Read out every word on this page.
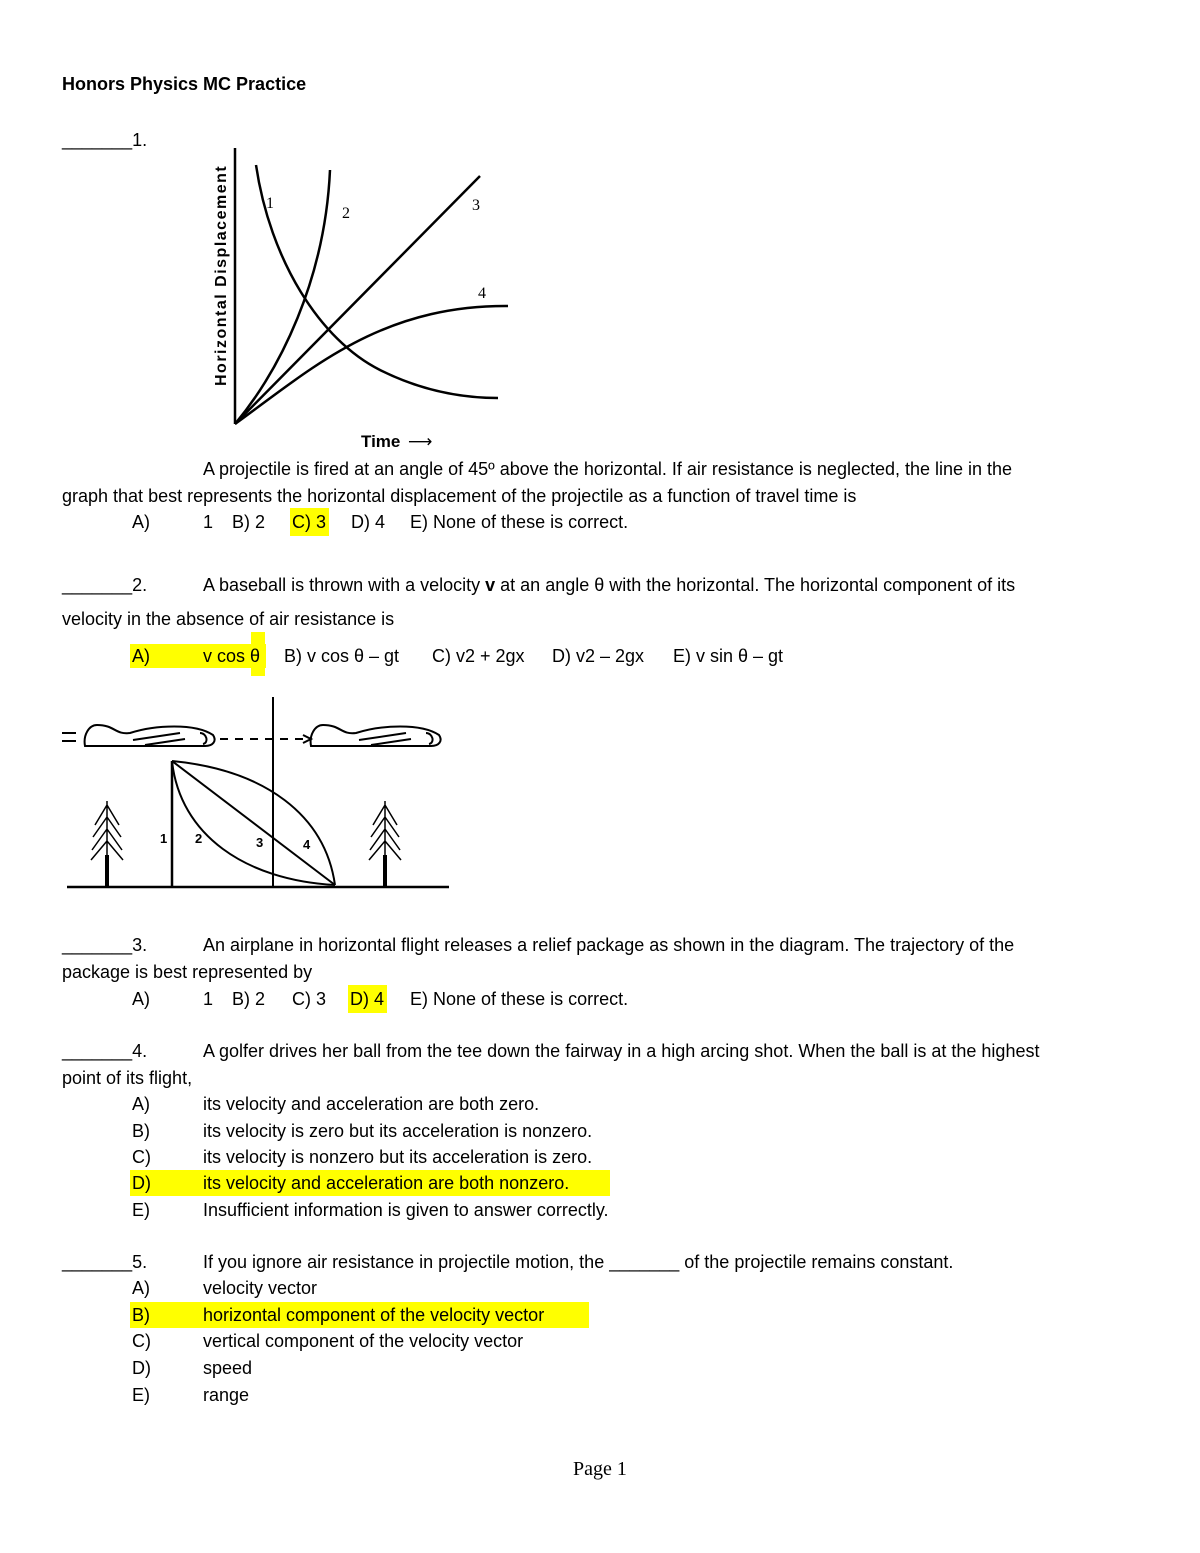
Honors Physics MC Practice
_______1.
1
2	3
4
Horizontal Displacement
Time ⟶
A projectile is fired at an angle of 45º above the horizontal. If air resistance is neglected, the line in the
graph that best represents the horizontal displacement of the projectile as a function of travel time is
A)	1 B) 2 C) 3 D) 4 E) None of these is correct.
_______2.	A baseball is thrown with a velocity v at an angle θ with the horizontal. The horizontal component of its
velocity in the absence of air resistance is
A)	v cos θ B) v cos θ – gt C) v2 + 2gx D) v2 – 2gx E) v sin θ – gt
1 2	3	4
_______3.	An airplane in horizontal flight releases a relief package as shown in the diagram. The trajectory of the
package is best represented by
A)	1 B) 2 C) 3 D) 4 E) None of these is correct.
_______4.	A golfer drives her ball from the tee down the fairway in a high arcing shot. When the ball is at the highest
point of its flight,
A)	its velocity and acceleration are both zero.
B)	its velocity is zero but its acceleration is nonzero.
C)	its velocity is nonzero but its acceleration is zero.
D)	its velocity and acceleration are both nonzero.
E)	Insufficient information is given to answer correctly.
_______5.	If you ignore air resistance in projectile motion, the _______ of the projectile remains constant.
A)	velocity vector
B)	horizontal component of the velocity vector
C)	vertical component of the velocity vector
D)	speed
E)	range
Page 1
